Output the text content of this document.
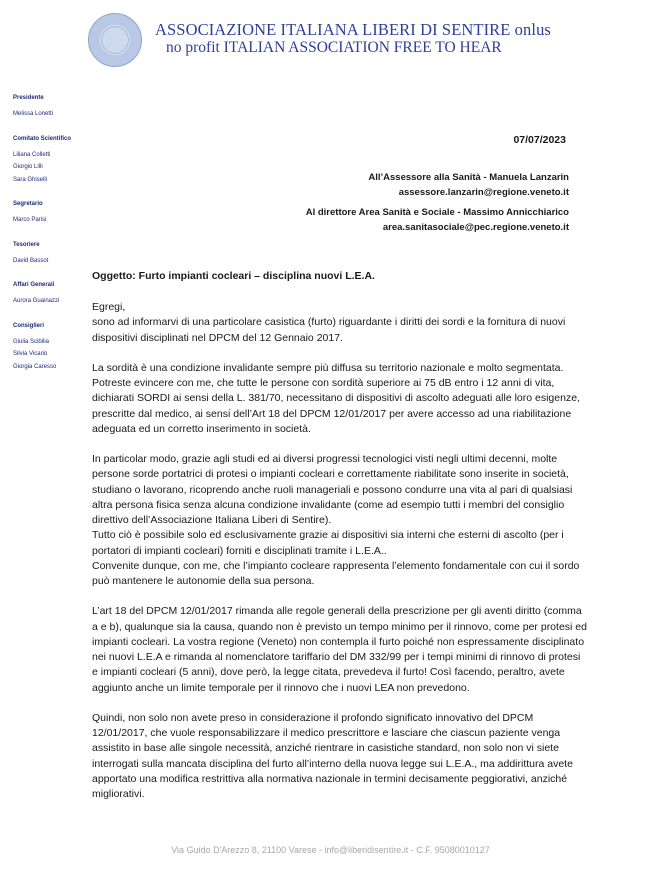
ASSOCIAZIONE ITALIANA LIBERI DI SENTIRE onlus
no profit ITALIAN ASSOCIATION FREE TO HEAR
Presidente
Melissa Lonetti
Comitato Scientifico
Liliana Colletti
Giorgio Lilli
Sara Ghiselli
Segretario
Marco Parisi
Tesoriere
David Bassot
Affari Generali
Aurora Guainazzi
Consiglieri
Giulia Scibilia
Silvia Vicario
Giorgia Caresso
07/07/2023
All’Assessore alla Sanità - Manuela Lanzarin
assessore.lanzarin@regione.veneto.it
Al direttore Area Sanità e Sociale - Massimo Annicchiarico
area.sanitasociale@pec.regione.veneto.it
Oggetto: Furto impianti cocleari – disciplina nuovi L.E.A.

Egregi,

sono ad informarvi di una particolare casistica (furto) riguardante i diritti dei sordi e la fornitura di nuovi dispositivi disciplinati nel DPCM del 12 Gennaio 2017.

La sordità è una condizione invalidante sempre più diffusa su territorio nazionale e molto segmentata. Potreste evincere con me, che tutte le persone con sordità superiore ai 75 dB entro i 12 anni di vita, dichiarati SORDI ai sensi della L. 381/70, necessitano di dispositivi di ascolto adeguati alle loro esigenze, prescritte dal medico, ai sensi dell’Art 18 del DPCM 12/01/2017 per avere accesso ad una riabilitazione adeguata ed un corretto inserimento in società.

In particolar modo, grazie agli studi ed ai diversi progressi tecnologici visti negli ultimi decenni, molte persone sorde portatrici di protesi o impianti cocleari e correttamente riabilitate sono inserite in società, studiano o lavorano, ricoprendo anche ruoli manageriali e possono condurre una vita al pari di qualsiasi altra persona fisica senza alcuna condizione invalidante (come ad esempio tutti i membri del consiglio direttivo dell’Associazione Italiana Liberi di Sentire).

Tutto ciò è possibile solo ed esclusivamente grazie ai dispositivi sia interni che esterni di ascolto (per i portatori di impianti cocleari) forniti e disciplinati tramite i L.E.A..

Convenite dunque, con me, che l’impianto cocleare rappresenta l’elemento fondamentale con cui il sordo può mantenere le autonomie della sua persona.

L’art 18 del DPCM 12/01/2017 rimanda alle regole generali della prescrizione per gli aventi diritto (comma a e b), qualunque sia la causa, quando non è previsto un tempo minimo per il rinnovo, come per protesi ed impianti cocleari. La vostra regione (Veneto) non contempla il furto poiché non espressamente disciplinato nei nuovi L.E.A e rimanda al nomenclatore tariffario del DM 332/99 per i tempi minimi di rinnovo di protesi e impianti cocleari (5 anni), dove però, la legge citata, prevedeva il furto! Così facendo, peraltro, avete aggiunto anche un limite temporale per il rinnovo che i nuovi LEA non prevedono.

Quindi, non solo non avete preso in considerazione il profondo significato innovativo del DPCM 12/01/2017, che vuole responsabilizzare il medico prescrittore e lasciare che ciascun paziente venga assistito in base alle singole necessità, anziché rientrare in casistiche standard, non solo non vi siete interrogati sulla mancata disciplina del furto all’interno della nuova legge sui L.E.A., ma addirittura avete apportato una modifica restrittiva alla normativa nazionale in termini decisamente peggiorativi, anziché migliorativi.

Via Guido D'Arezzo 8, 21100 Varese - info@liberidisentire.it - C.F. 95080010127
